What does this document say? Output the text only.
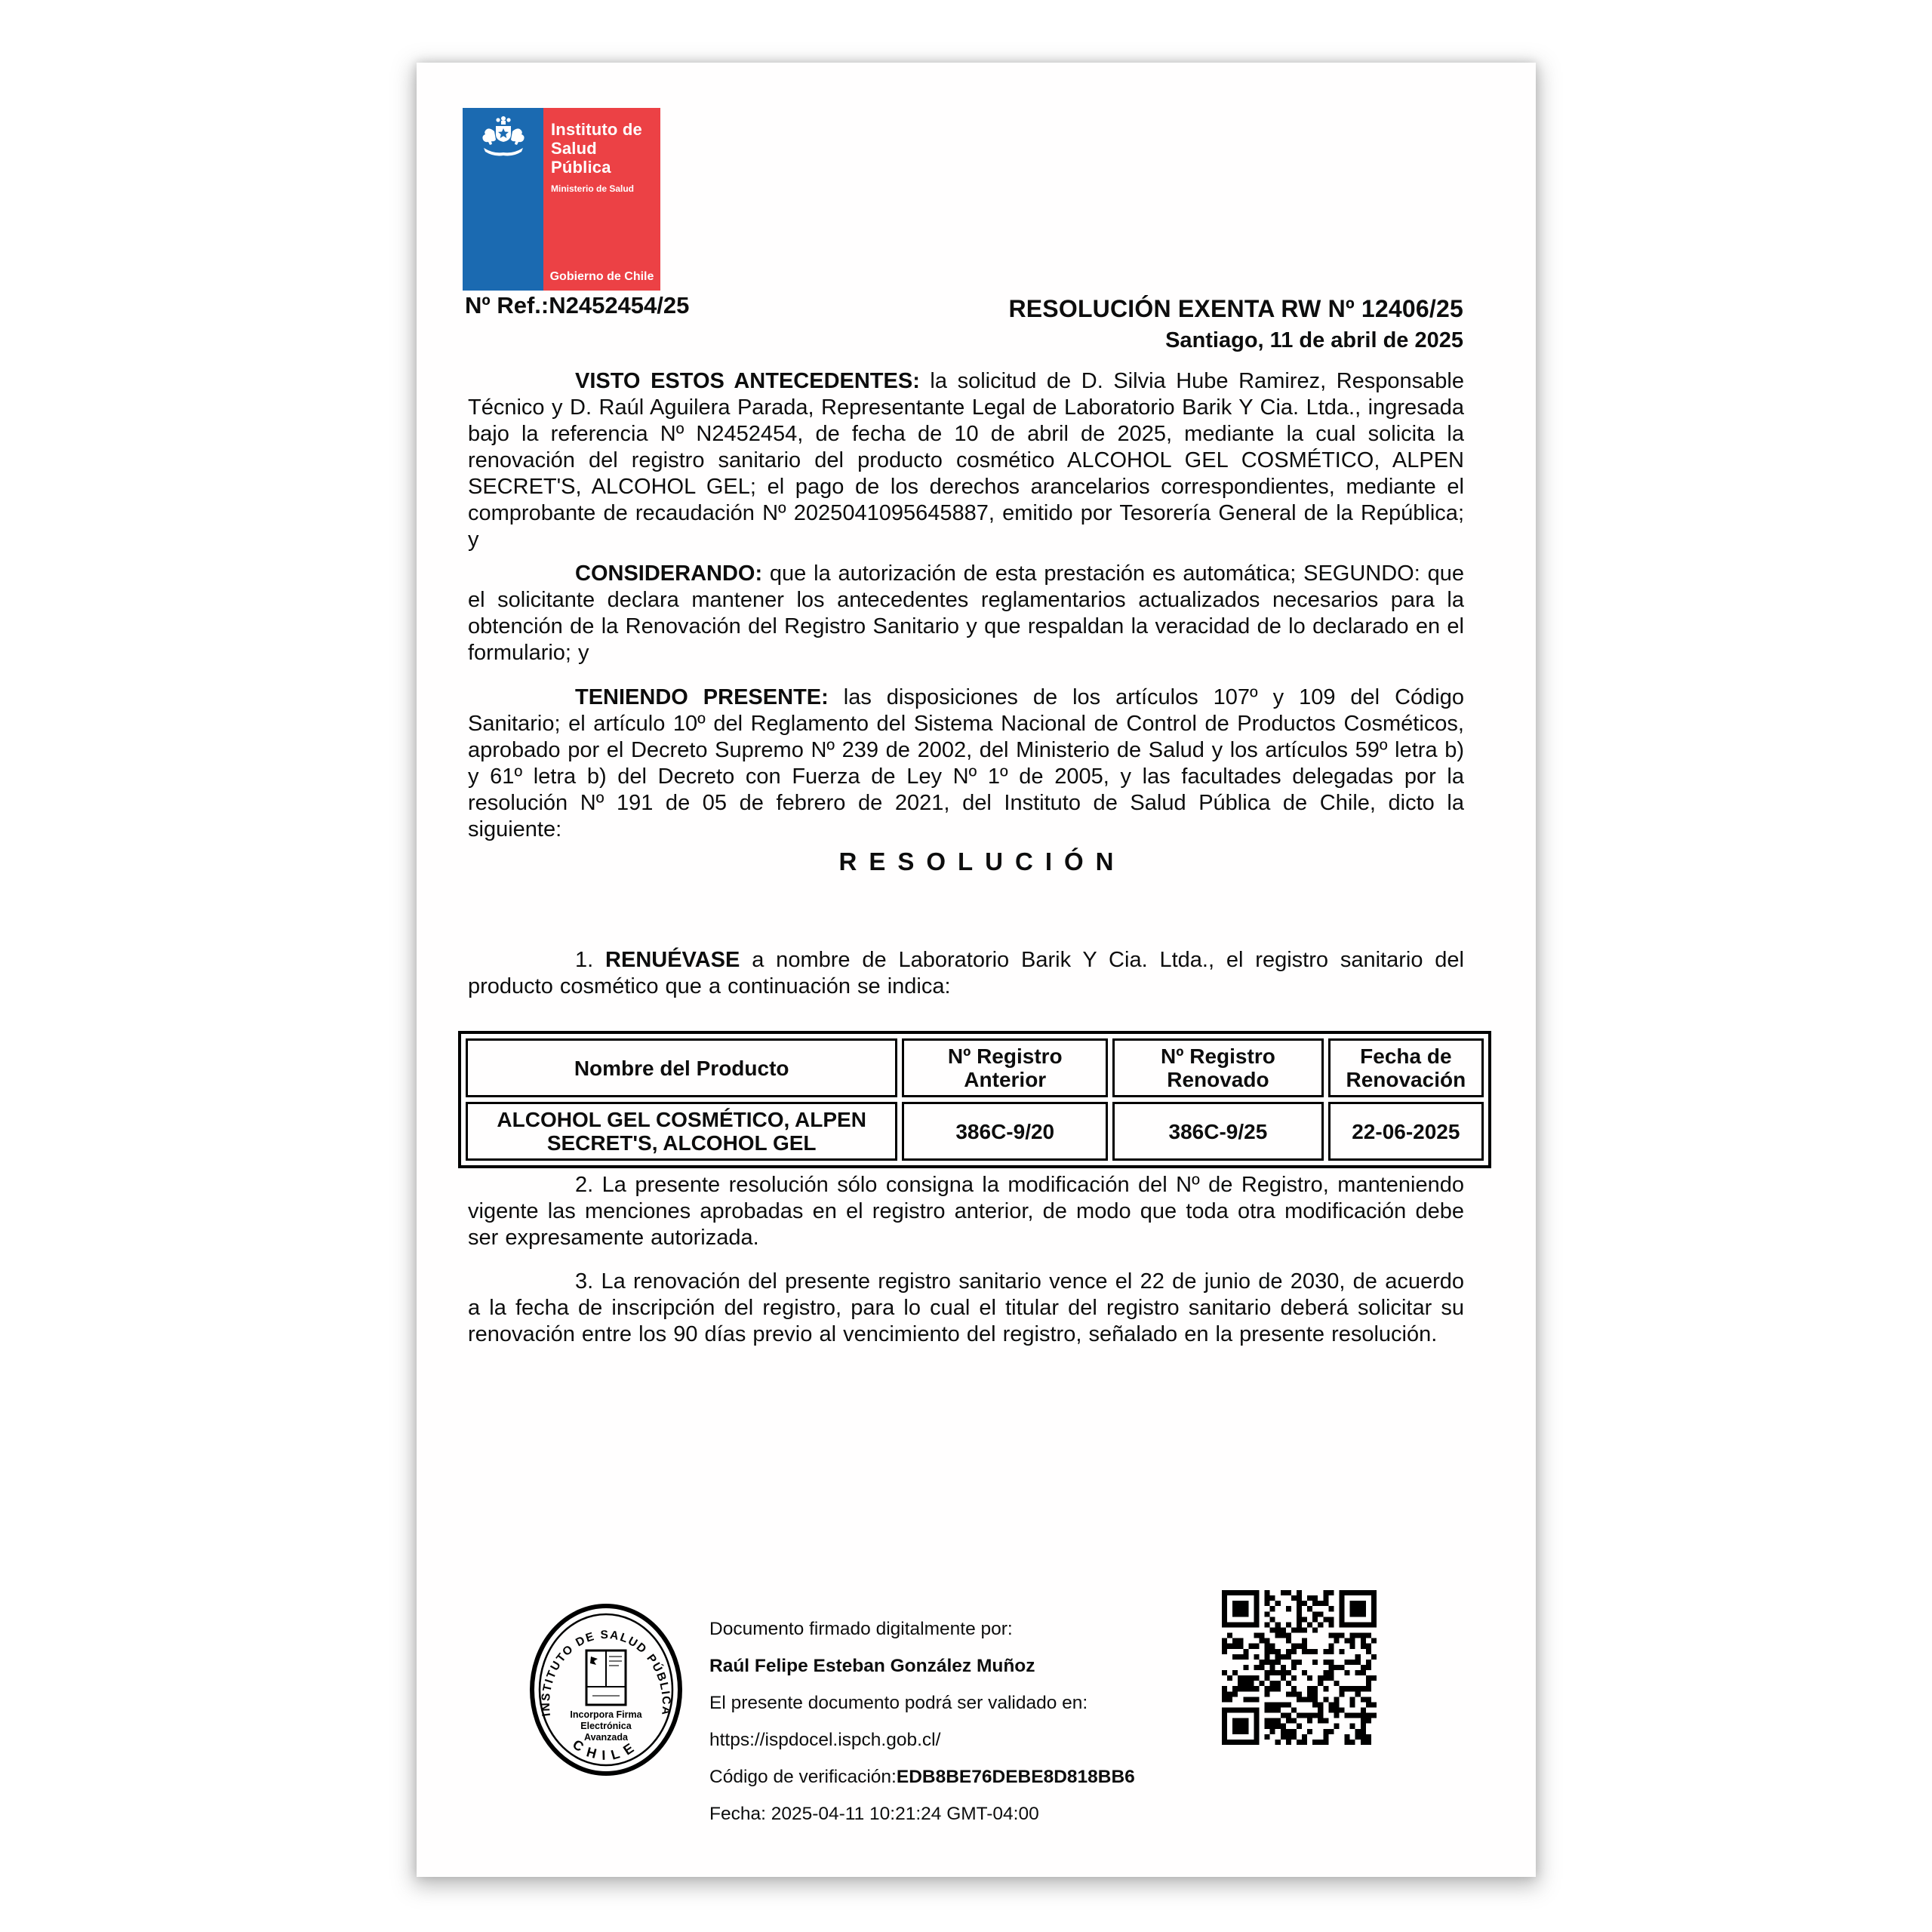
Instituto de
Salud Pública
Ministerio de Salud
Gobierno de Chile
Nº Ref.:N2452454/25	RESOLUCIÓN EXENTA RW Nº 12406/25
Santiago, 11 de abril de 2025

VISTO ESTOS ANTECEDENTES: la solicitud de D. Silvia Hube Ramirez, Responsable Técnico y D. Raúl Aguilera Parada, Representante Legal de Laboratorio Barik Y Cia. Ltda., ingresada bajo la referencia Nº N2452454, de fecha de 10 de abril de 2025, mediante la cual solicita la renovación del registro sanitario del producto cosmético ALCOHOL GEL COSMÉTICO, ALPEN SECRET'S, ALCOHOL GEL; el pago de los derechos arancelarios correspondientes, mediante el comprobante de recaudación Nº 2025041095645887, emitido por Tesorería General de la República; y

CONSIDERANDO: que la autorización de esta prestación es automática; SEGUNDO: que el solicitante declara mantener los antecedentes reglamentarios actualizados necesarios para la obtención de la Renovación del Registro Sanitario y que respaldan la veracidad de lo declarado en el formulario; y

TENIENDO PRESENTE: las disposiciones de los artículos 107º y 109 del Código Sanitario; el artículo 10º del Reglamento del Sistema Nacional de Control de Productos Cosméticos, aprobado por el Decreto Supremo Nº 239 de 2002, del Ministerio de Salud y los artículos 59º letra b) y 61º letra b) del Decreto con Fuerza de Ley Nº 1º de 2005, y las facultades delegadas por la resolución Nº 191 de 05 de febrero de 2021, del Instituto de Salud Pública de Chile, dicto la siguiente:

RESOLUCIÓN

1. RENUÉVASE a nombre de Laboratorio Barik Y Cia. Ltda., el registro sanitario del producto cosmético que a continuación se indica:

Nombre del Producto	Nº Registro Anterior	Nº Registro Renovado	Fecha de Renovación
ALCOHOL GEL COSMÉTICO, ALPEN SECRET'S, ALCOHOL GEL	386C-9/20	386C-9/25	22-06-2025

2. La presente resolución sólo consigna la modificación del Nº de Registro, manteniendo vigente las menciones aprobadas en el registro anterior, de modo que toda otra modificación debe ser expresamente autorizada.

3. La renovación del presente registro sanitario vence el 22 de junio de 2030, de acuerdo a la fecha de inscripción del registro, para lo cual el titular del registro sanitario deberá solicitar su renovación entre los 90 días previo al vencimiento del registro, señalado en la presente resolución.

INSTITUTO DE SALUD PÚBLICA
CHILE
Incorpora Firma
Electrónica
Avanzada
Documento firmado digitalmente por:
Raúl Felipe Esteban González Muñoz
El presente documento podrá ser validado en:
https://ispdocel.ispch.gob.cl/
Código de verificación:EDB8BE76DEBE8D818BB6
Fecha: 2025-04-11 10:21:24 GMT-04:00
